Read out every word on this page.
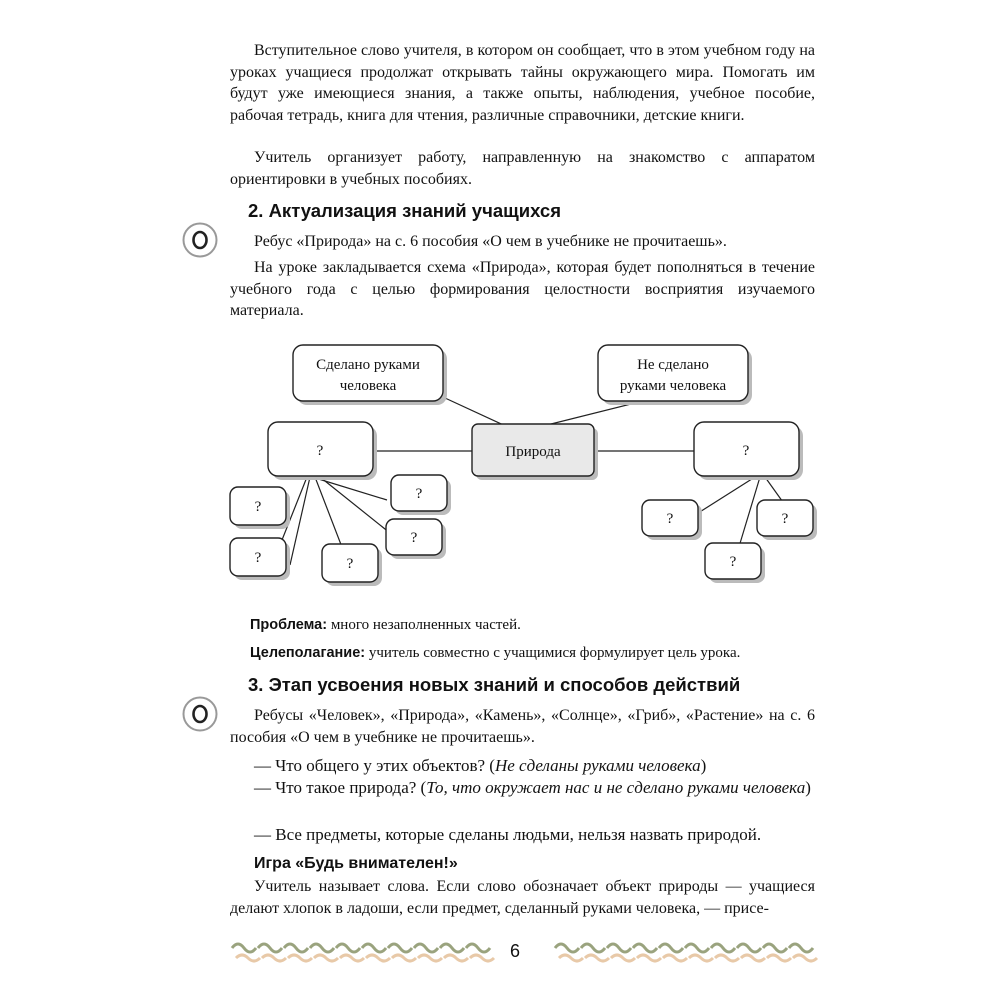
Вступительное слово учителя, в котором он сообщает, что в этом учебном году на уроках учащиеся продолжат открывать тайны окружающего мира. Помогать им будут уже имеющиеся знания, а также опыты, наблюдения, учебное пособие, рабочая тетрадь, книга для чтения, различные справочники, детские книги.

Учитель организует работу, направленную на знакомство с аппаратом ориентировки в учебных пособиях.

2. Актуализация знаний учащихся

Ребус «Природа» на с. 6 пособия «О чем в учебнике не прочитаешь».

На уроке закладывается схема «Природа», которая будет пополняться в течение учебного года с целью формирования целостности восприятия изучаемого материала.

Сделано руками
человека
Не сделано
руками человека
Природа
?	?
?
?
?
?
?
?	?
?

Проблема: много незаполненных частей.

Целеполагание: учитель совместно с учащимися формулирует цель урока.

3. Этап усвоения новых знаний и способов действий

Ребусы «Человек», «Природа», «Камень», «Солнце», «Гриб», «Растение» на с. 6 пособия «О чем в учебнике не прочитаешь».

— Что общего у этих объектов? (Не сделаны руками человека)

— Что такое природа? (То, что окружает нас и не сделано руками человека)

— Все предметы, которые сделаны людьми, нельзя назвать природой.

Игра «Будь внимателен!»

Учитель называет слова. Если слово обозначает объект природы — учащиеся делают хлопок в ладоши, если предмет, сделанный руками человека, — присе-

6
